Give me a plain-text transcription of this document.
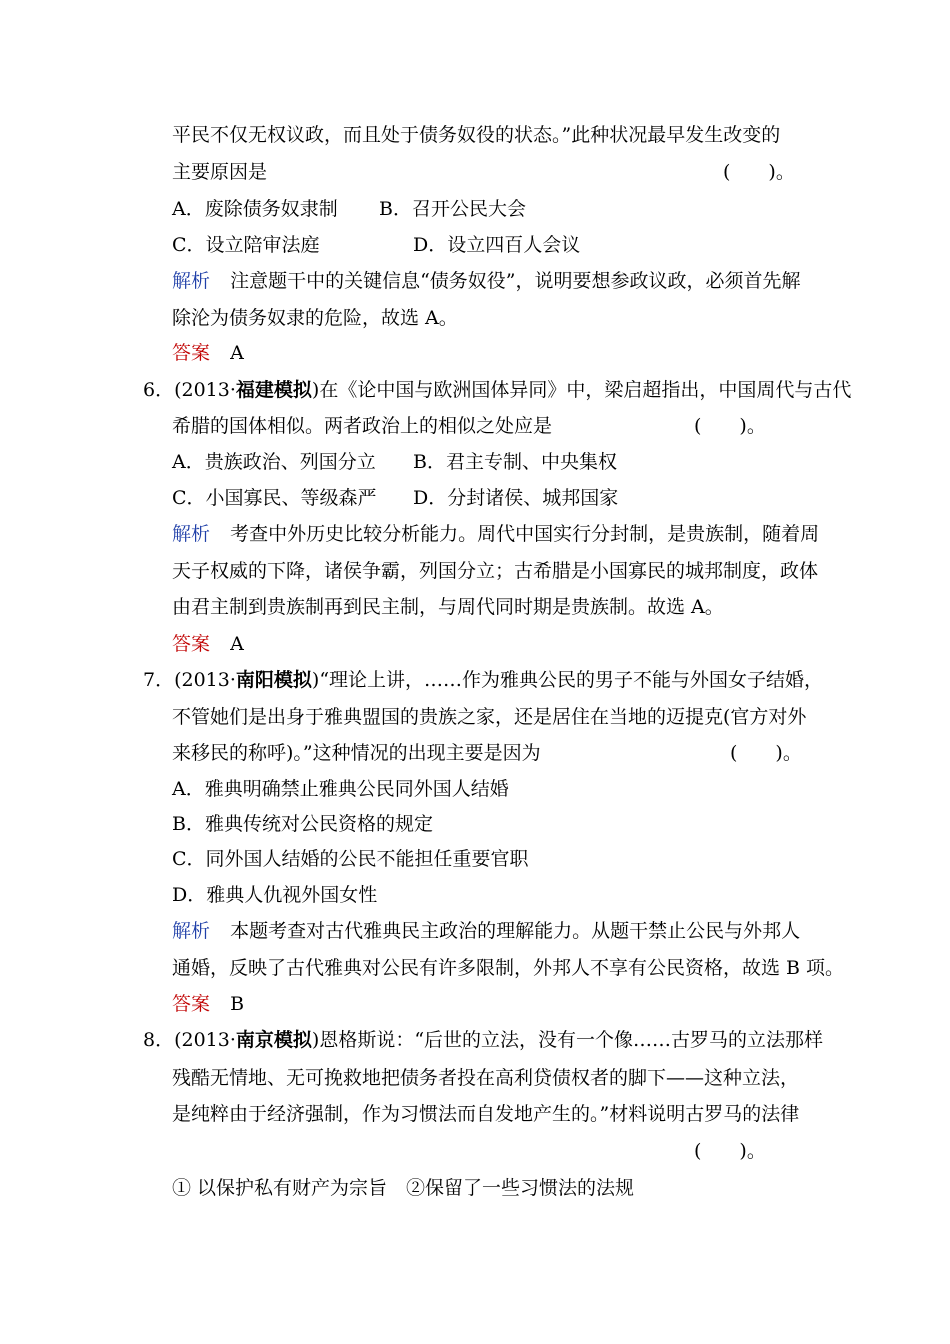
平民不仅无权议政，而且处于债务奴役的状态。”此种状况最早发生改变的
主要原因是	(　　)。
A．废除债务奴隶制 B．召开公民大会
C．设立陪审法庭	D．设立四百人会议
解析 注意题干中的关键信息“债务奴役”，说明要想参政议政，必须首先解
除沦为债务奴隶的危险，故选 A。
答案 A
6．(2013·福建模拟)在《论中国与欧洲国体异同》中，梁启超指出，中国周代与古代
希腊的国体相似。两者政治上的相似之处应是	(　　)。
A．贵族政治、列国分立 B．君主专制、中央集权
C．小国寡民、等级森严 D．分封诸侯、城邦国家
解析 考查中外历史比较分析能力。周代中国实行分封制，是贵族制，随着周
天子权威的下降，诸侯争霸，列国分立；古希腊是小国寡民的城邦制度，政体
由君主制到贵族制再到民主制，与周代同时期是贵族制。故选 A。
答案 A
7．(2013·南阳模拟)“理论上讲，……作为雅典公民的男子不能与外国女子结婚，
不管她们是出身于雅典盟国的贵族之家，还是居住在当地的迈提克(官方对外
来移民的称呼)。”这种情况的出现主要是因为	(　　)。
A．雅典明确禁止雅典公民同外国人结婚
B．雅典传统对公民资格的规定
C．同外国人结婚的公民不能担任重要官职
D．雅典人仇视外国女性
解析 本题考查对古代雅典民主政治的理解能力。从题干禁止公民与外邦人
通婚，反映了古代雅典对公民有许多限制，外邦人不享有公民资格，故选 B 项。
答案 B
8．(2013·南京模拟)恩格斯说：“后世的立法，没有一个像……古罗马的立法那样
残酷无情地、无可挽救地把债务者投在高利贷债权者的脚下——这种立法，
是纯粹由于经济强制，作为习惯法而自发地产生的。”材料说明古罗马的法律
(　　)。
① 以保护私有财产为宗旨　②保留了一些习惯法的法规
